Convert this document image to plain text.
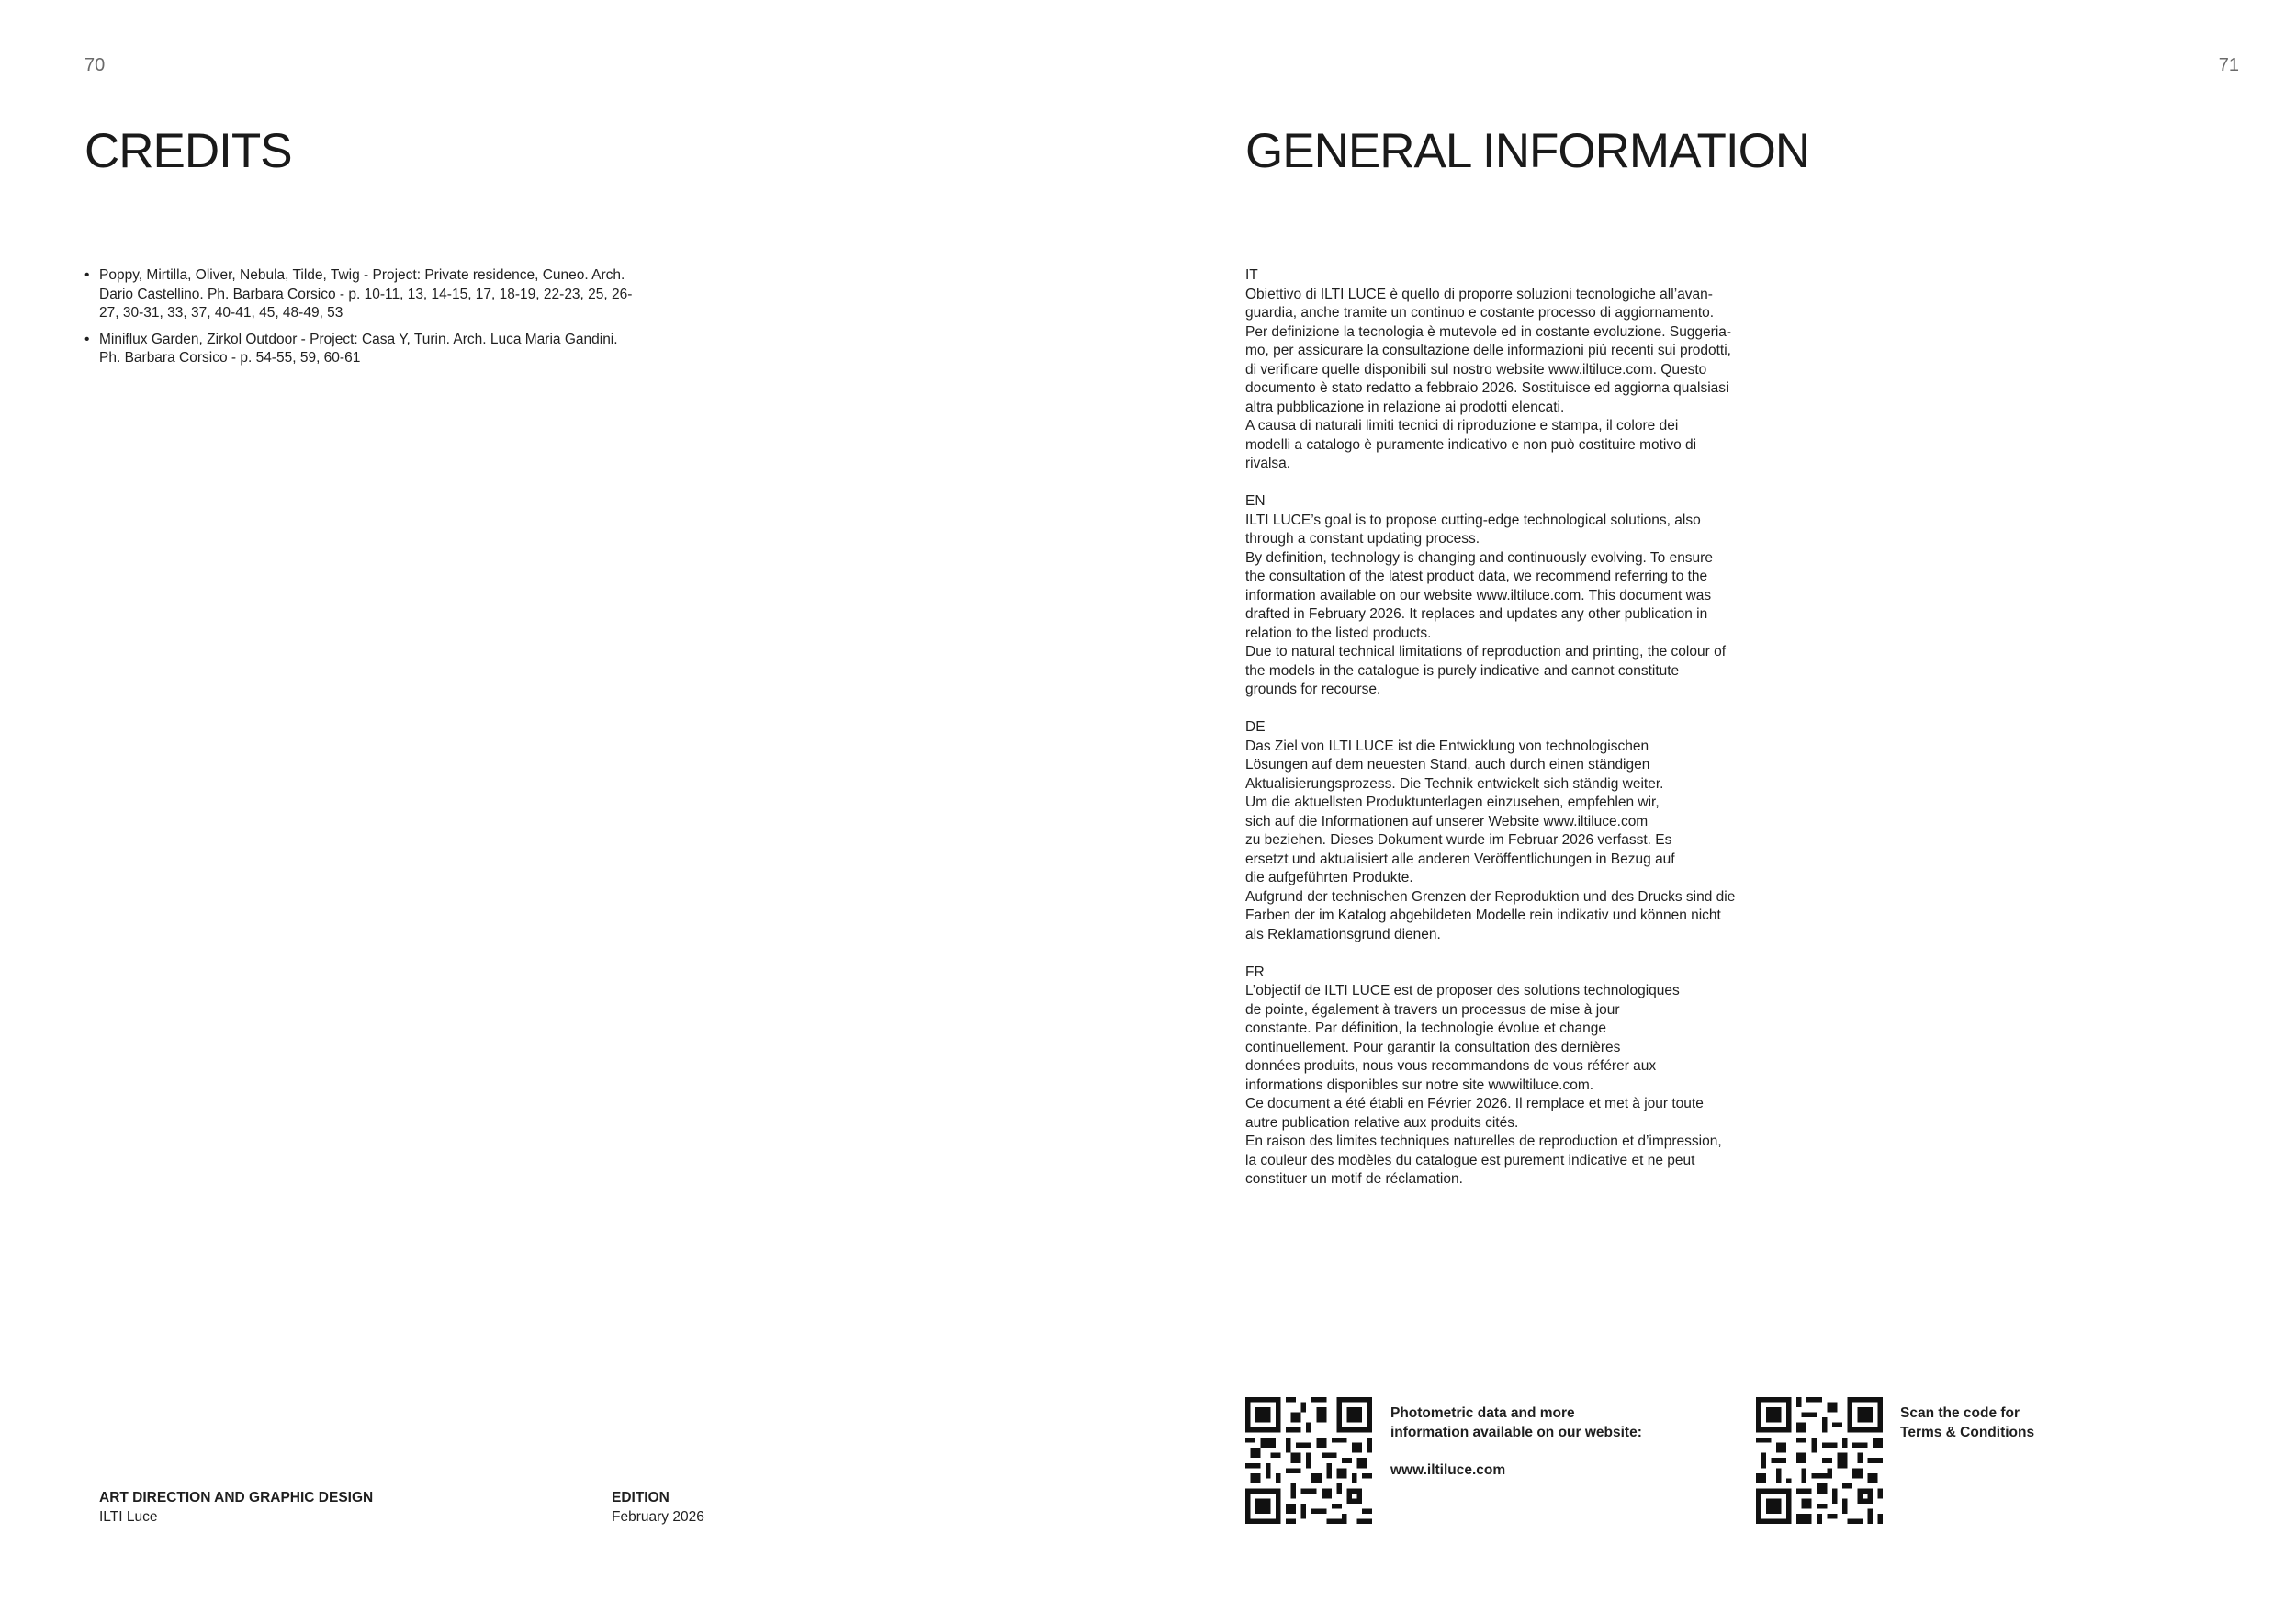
70
CREDITS
• Poppy, Mirtilla, Oliver, Nebula, Tilde, Twig - Project: Private residence, Cuneo. Arch. Dario Castellino. Ph. Barbara Corsico - p. 10-11, 13, 14-15, 17, 18-19, 22-23, 25, 26-27, 30-31, 33, 37, 40-41, 45, 48-49, 53
• Miniflux Garden, Zirkol Outdoor - Project: Casa Y, Turin. Arch. Luca Maria Gandini. Ph. Barbara Corsico - p. 54-55, 59, 60-61
ART DIRECTION AND GRAPHIC DESIGN
ILTI Luce
EDITION
February 2026
71
GENERAL INFORMATION

IT

Obiettivo di ILTI LUCE è quello di proporre soluzioni tecnologiche all’avan-
guardia, anche tramite un continuo e costante processo di aggiornamento.
Per definizione la tecnologia è mutevole ed in costante evoluzione. Suggeria-
mo, per assicurare la consultazione delle informazioni più recenti sui prodotti,
di verificare quelle disponibili sul nostro website www.iltiluce.com. Questo
documento è stato redatto a febbraio 2026. Sostituisce ed aggiorna qualsiasi
altra pubblicazione in relazione ai prodotti elencati.
A causa di naturali limiti tecnici di riproduzione e stampa, il colore dei
modelli a catalogo è puramente indicativo e non può costituire motivo di
rivalsa.

EN

ILTI LUCE’s goal is to propose cutting-edge technological solutions, also
through a constant updating process.
By definition, technology is changing and continuously evolving. To ensure
the consultation of the latest product data, we recommend referring to the
information available on our website www.iltiluce.com. This document was
drafted in February 2026. It replaces and updates any other publication in
relation to the listed products.
Due to natural technical limitations of reproduction and printing, the colour of
the models in the catalogue is purely indicative and cannot constitute
grounds for recourse.

DE

Das Ziel von ILTI LUCE ist die Entwicklung von technologischen
Lösungen auf dem neuesten Stand, auch durch einen ständigen
Aktualisierungsprozess. Die Technik entwickelt sich ständig weiter.
Um die aktuellsten Produktunterlagen einzusehen, empfehlen wir,
sich auf die Informationen auf unserer Website www.iltiluce.com
zu beziehen. Dieses Dokument wurde im Februar 2026 verfasst. Es
ersetzt und aktualisiert alle anderen Veröffentlichungen in Bezug auf
die aufgeführten Produkte.
Aufgrund der technischen Grenzen der Reproduktion und des Drucks sind die
Farben der im Katalog abgebildeten Modelle rein indikativ und können nicht
als Reklamationsgrund dienen.

FR

L’objectif de ILTI LUCE est de proposer des solutions technologiques
de pointe, également à travers un processus de mise à jour
constante. Par définition, la technologie évolue et change
continuellement. Pour garantir la consultation des dernières
données produits, nous vous recommandons de vous référer aux
informations disponibles sur notre site wwwiltiluce.com.
Ce document a été établi en Février 2026. Il remplace et met à jour toute
autre publication relative aux produits cités.
En raison des limites techniques naturelles de reproduction et d’impression,
la couleur des modèles du catalogue est purement indicative et ne peut
constituer un motif de réclamation.

Photometric data and more
information available on our website:
www.iltiluce.com
Scan the code for
Terms & Conditions
